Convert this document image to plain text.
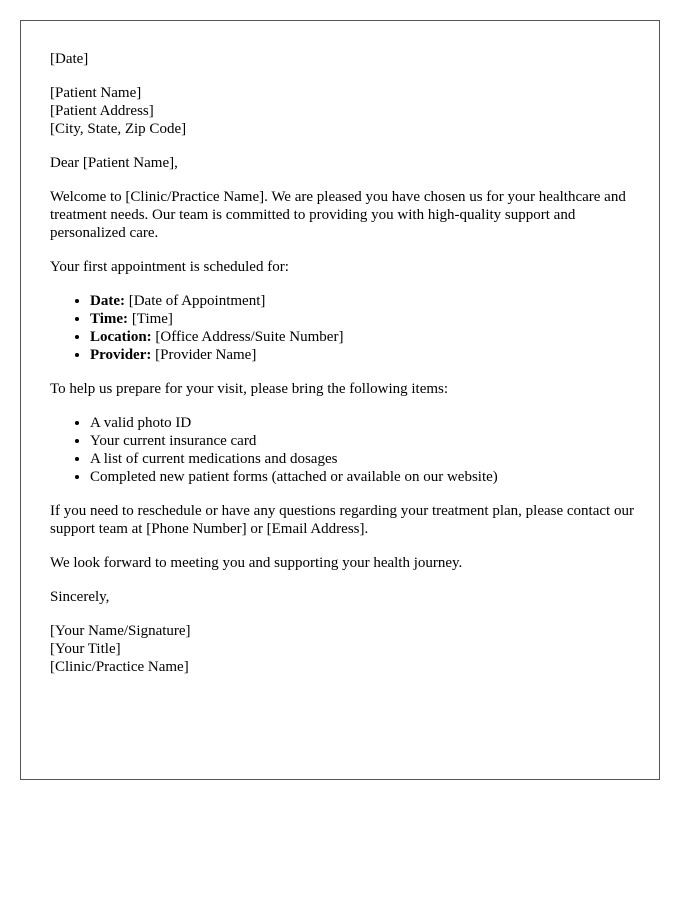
[Date]

[Patient Name]
[Patient Address]
[City, State, Zip Code]

Dear [Patient Name],

Welcome to [Clinic/Practice Name]. We are pleased you have chosen us for your healthcare and treatment needs. Our team is committed to providing you with high-quality support and personalized care.

Your first appointment is scheduled for:

• Date: [Date of Appointment]
• Time: [Time]
• Location: [Office Address/Suite Number]
• Provider: [Provider Name]

To help us prepare for your visit, please bring the following items:

• A valid photo ID
• Your current insurance card
• A list of current medications and dosages
• Completed new patient forms (attached or available on our website)

If you need to reschedule or have any questions regarding your treatment plan, please contact our support team at [Phone Number] or [Email Address].

We look forward to meeting you and supporting your health journey.

Sincerely,

[Your Name/Signature]
[Your Title]
[Clinic/Practice Name]
